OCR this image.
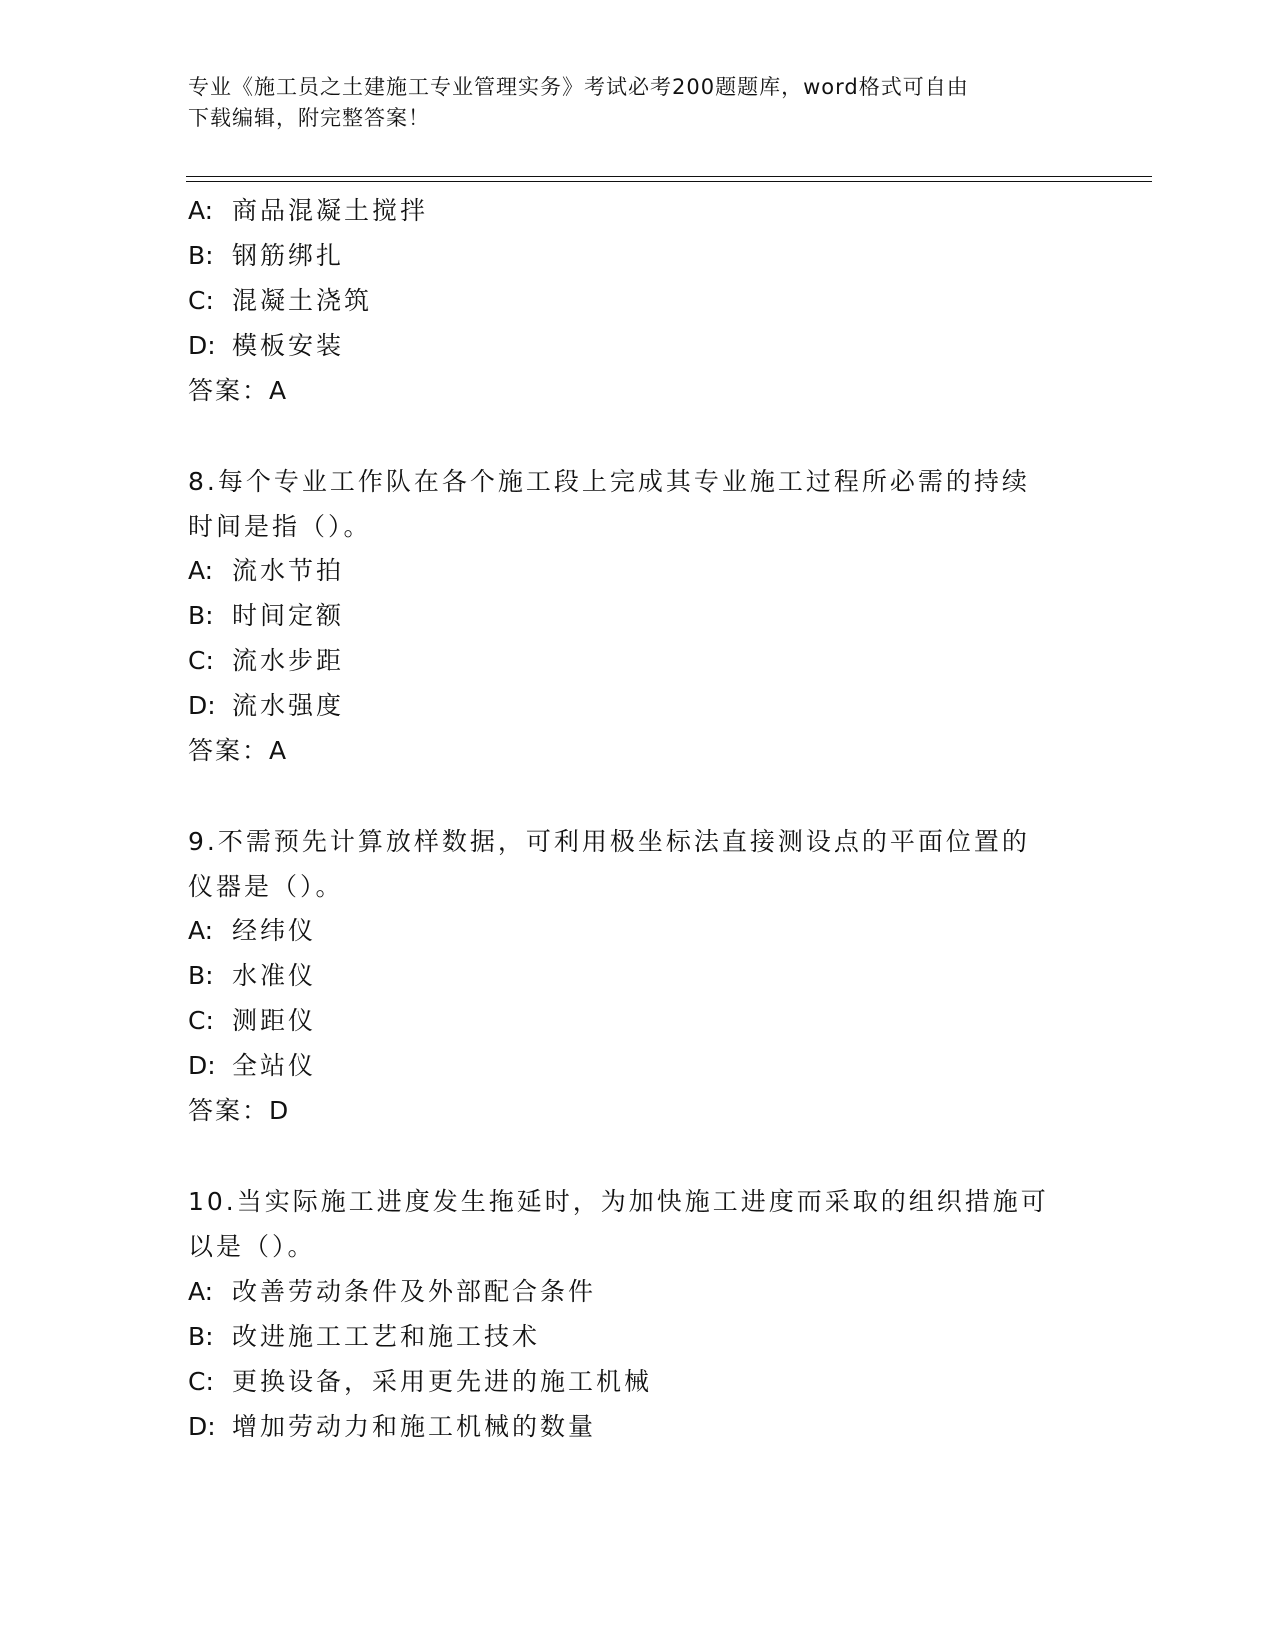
专业《施工员之土建施工专业管理实务》考试必考200题题库，word格式可自由
下载编辑，附完整答案！
A: 商品混凝土搅拌
B: 钢筋绑扎
C: 混凝土浇筑
D: 模板安装
答案：A
8.每个专业工作队在各个施工段上完成其专业施工过程所必需的持续
时间是指（）。
A: 流水节拍
B: 时间定额
C: 流水步距
D: 流水强度
答案：A
9.不需预先计算放样数据，可利用极坐标法直接测设点的平面位置的
仪器是（）。
A: 经纬仪
B: 水准仪
C: 测距仪
D: 全站仪
答案：D
10.当实际施工进度发生拖延时，为加快施工进度而采取的组织措施可
以是（）。
A: 改善劳动条件及外部配合条件
B: 改进施工工艺和施工技术
C: 更换设备，采用更先进的施工机械
D: 增加劳动力和施工机械的数量
